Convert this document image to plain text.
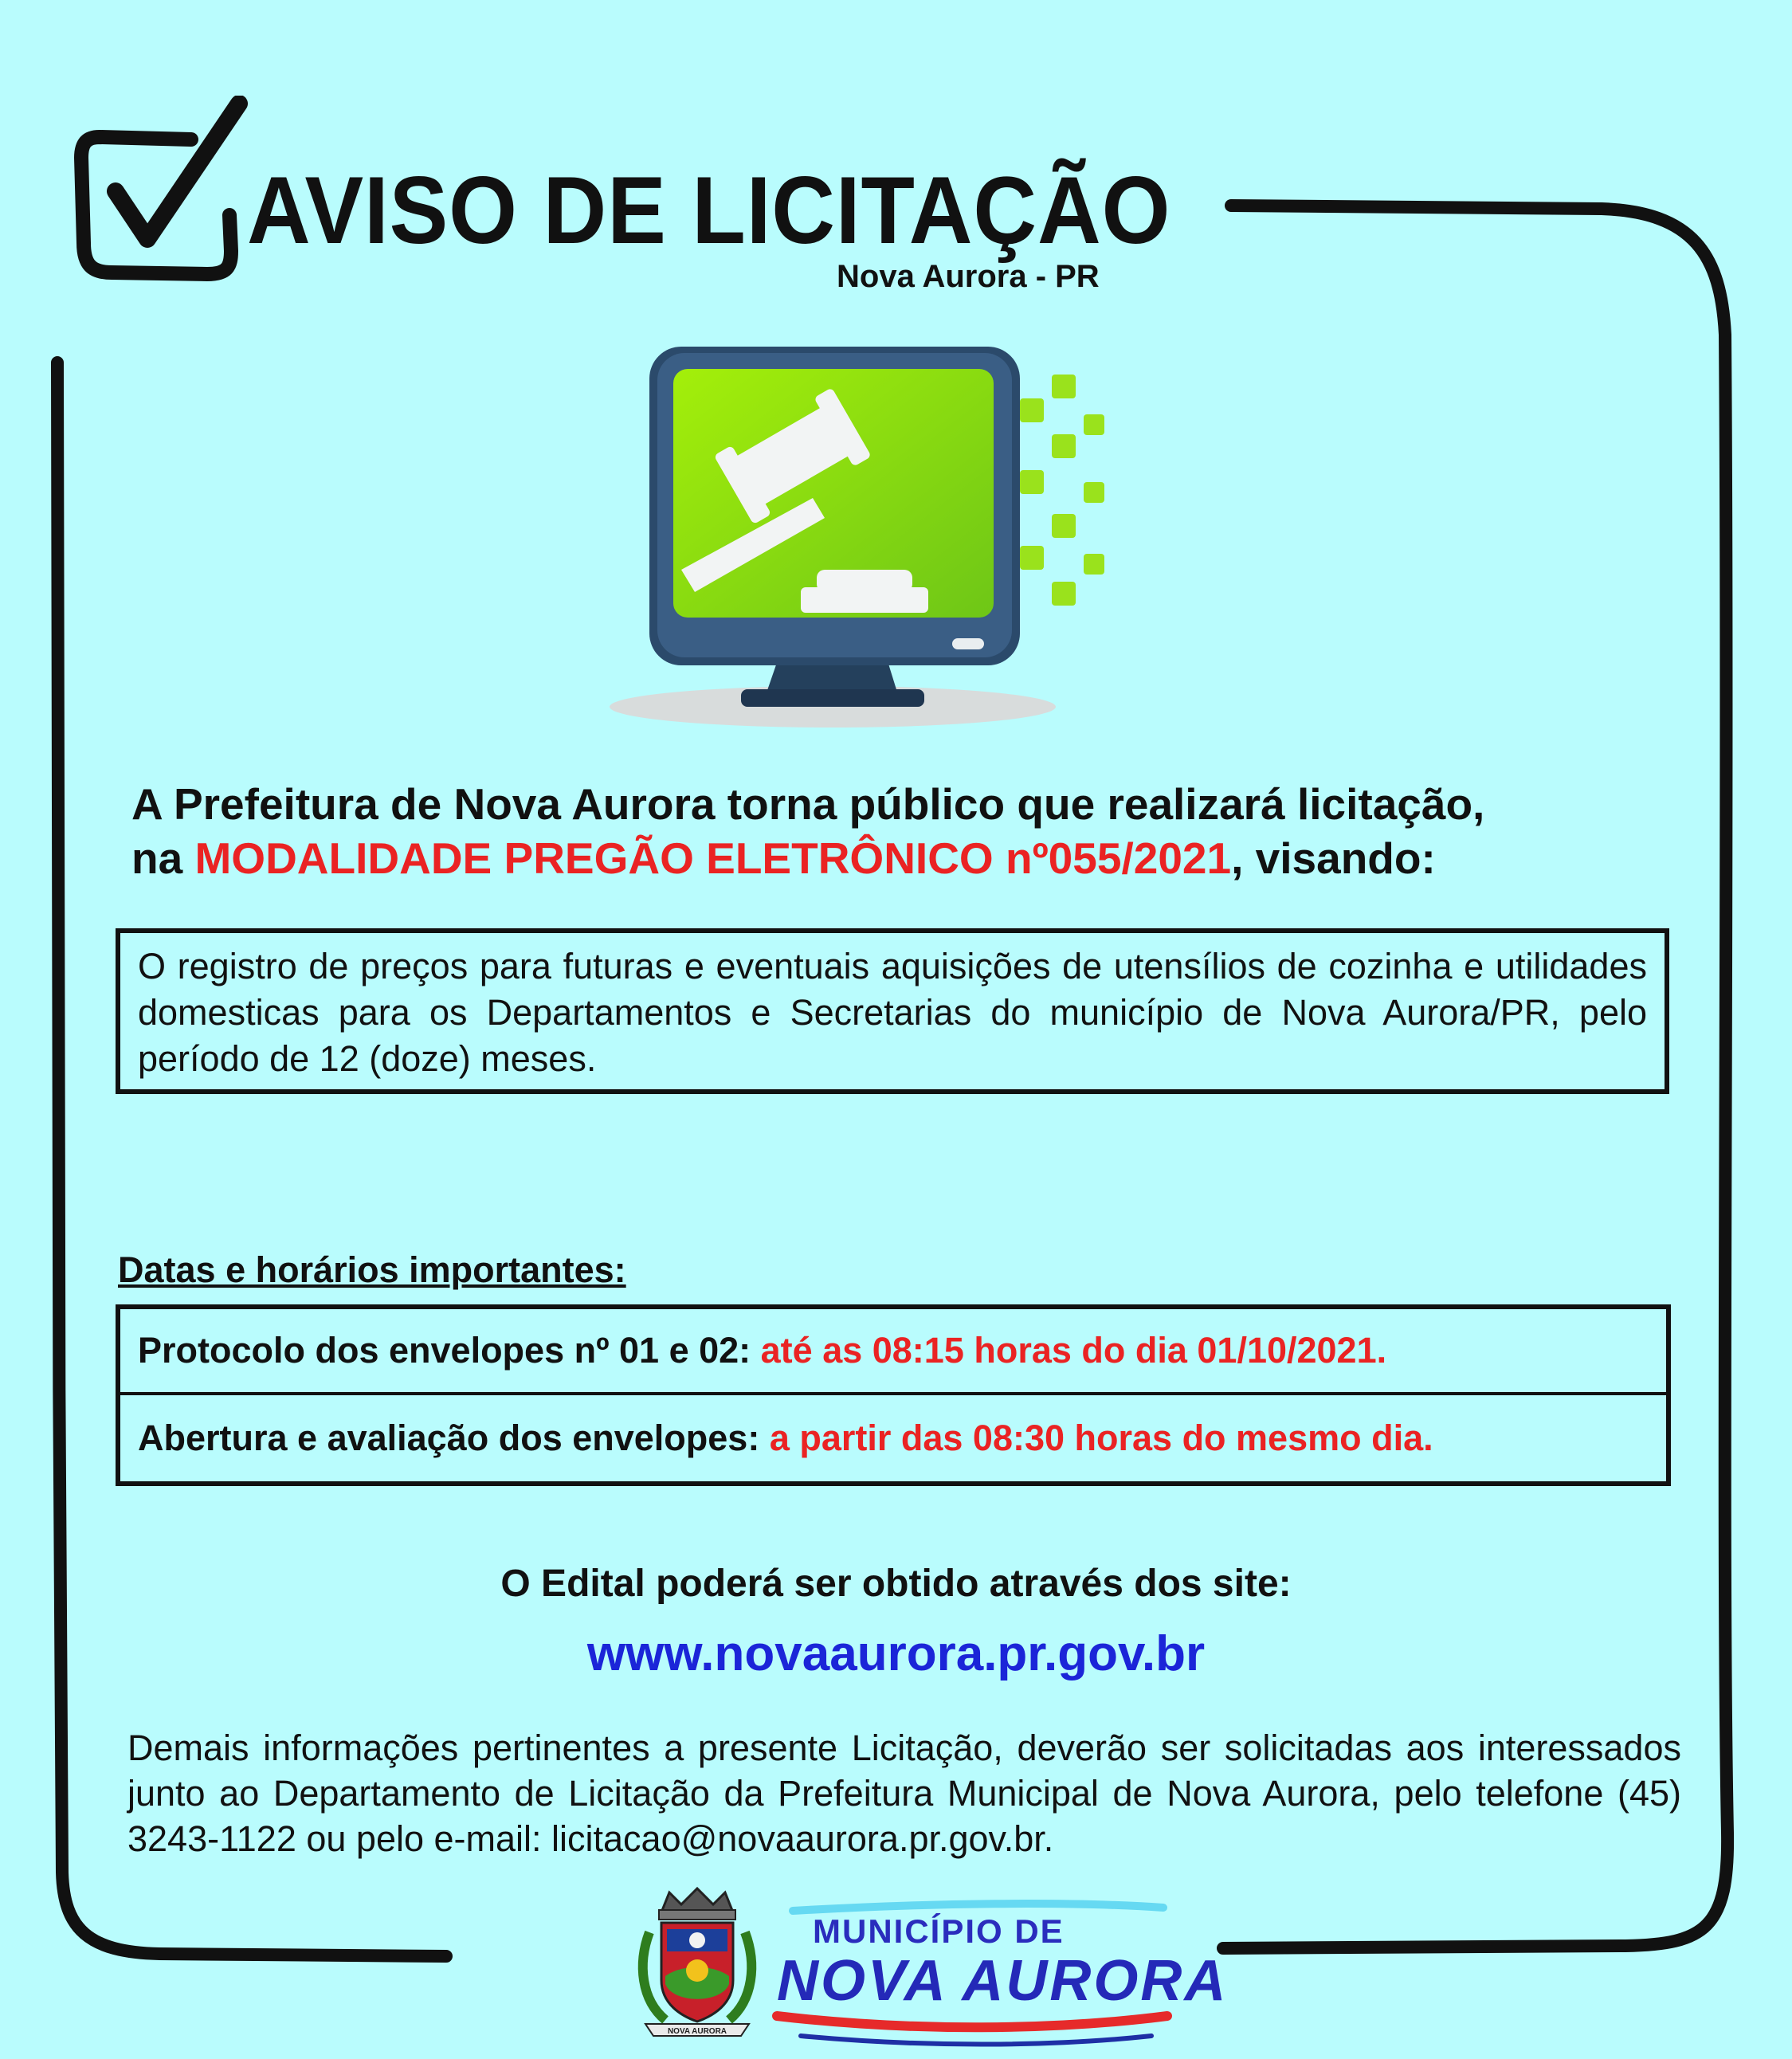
AVISO DE LICITAÇÃO
Nova Aurora - PR
A Prefeitura de Nova Aurora torna público que realizará licitação,
na MODALIDADE PREGÃO ELETRÔNICO nº055/2021, visando:
O registro de preços para futuras e eventuais aquisições de utensílios de cozinha e utilidades domesticas para os Departamentos e Secretarias do município de Nova Aurora/PR, pelo período de 12 (doze) meses.
Datas e horários importantes:
Protocolo dos envelopes nº 01 e 02: até as 08:15 horas do dia 01/10/2021.
Abertura e avaliação dos envelopes: a partir das 08:30 horas do mesmo dia.
O Edital poderá ser obtido através dos site:
www.novaaurora.pr.gov.br
Demais informações pertinentes a presente Licitação, deverão ser solicitadas aos interessados junto ao Departamento de Licitação da Prefeitura Municipal de Nova Aurora, pelo telefone (45) 3243-1122 ou pelo e-mail: licitacao@novaaurora.pr.gov.br.
NOVA AURORA
MUNICÍPIO DE
NOVA AURORA
